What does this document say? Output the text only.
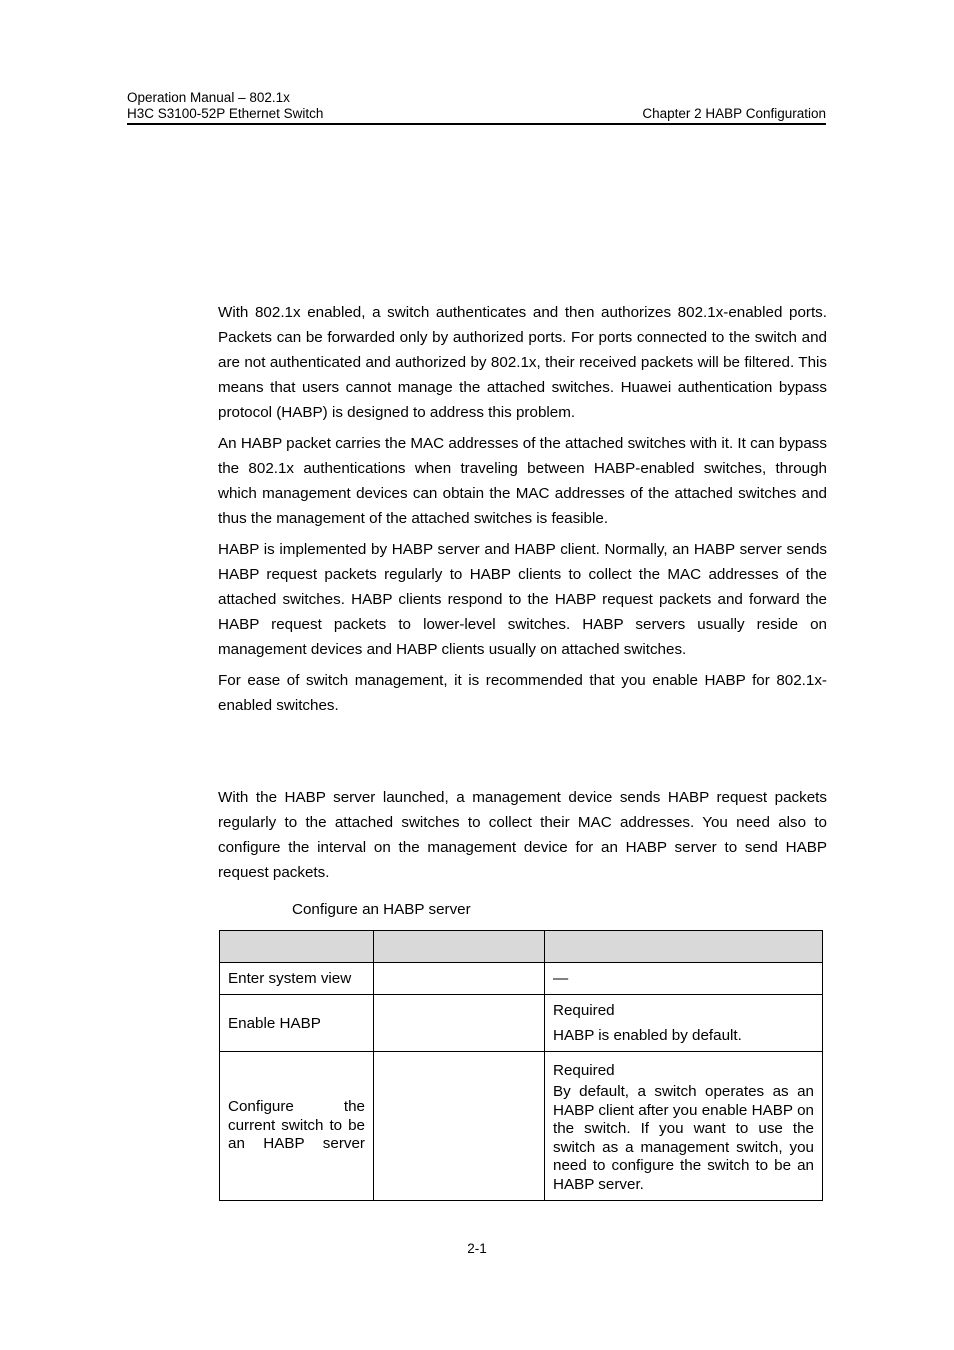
Operation Manual – 802.1x
H3C S3100-52P Ethernet Switch	Chapter 2 HABP Configuration

With 802.1x enabled, a switch authenticates and then authorizes 802.1x-enabled ports. Packets can be forwarded only by authorized ports. For ports connected to the switch and are not authenticated and authorized by 802.1x, their received packets will be filtered. This means that users cannot manage the attached switches. Huawei authentication bypass protocol (HABP) is designed to address this problem.

An HABP packet carries the MAC addresses of the attached switches with it. It can bypass the 802.1x authentications when traveling between HABP-enabled switches, through which management devices can obtain the MAC addresses of the attached switches and thus the management of the attached switches is feasible.

HABP is implemented by HABP server and HABP client. Normally, an HABP server sends HABP request packets regularly to HABP clients to collect the MAC addresses of the attached switches. HABP clients respond to the HABP request packets and forward the HABP request packets to lower-level switches. HABP servers usually reside on management devices and HABP clients usually on attached switches.

For ease of switch management, it is recommended that you enable HABP for 802.1x-enabled switches.

With the HABP server launched, a management device sends HABP request packets regularly to the attached switches to collect their MAC addresses. You need also to configure the interval on the management device for an HABP server to send HABP request packets.

Configure an HABP server

Enter system view		—
Enable HABP		Required

HABP is enabled by default.

Configure the current switch to be an HABP server		Required

By default, a switch operates as an HABP client after you enable HABP on the switch. If you want to use the switch as a management switch, you need to configure the switch to be an HABP server.

2-1
